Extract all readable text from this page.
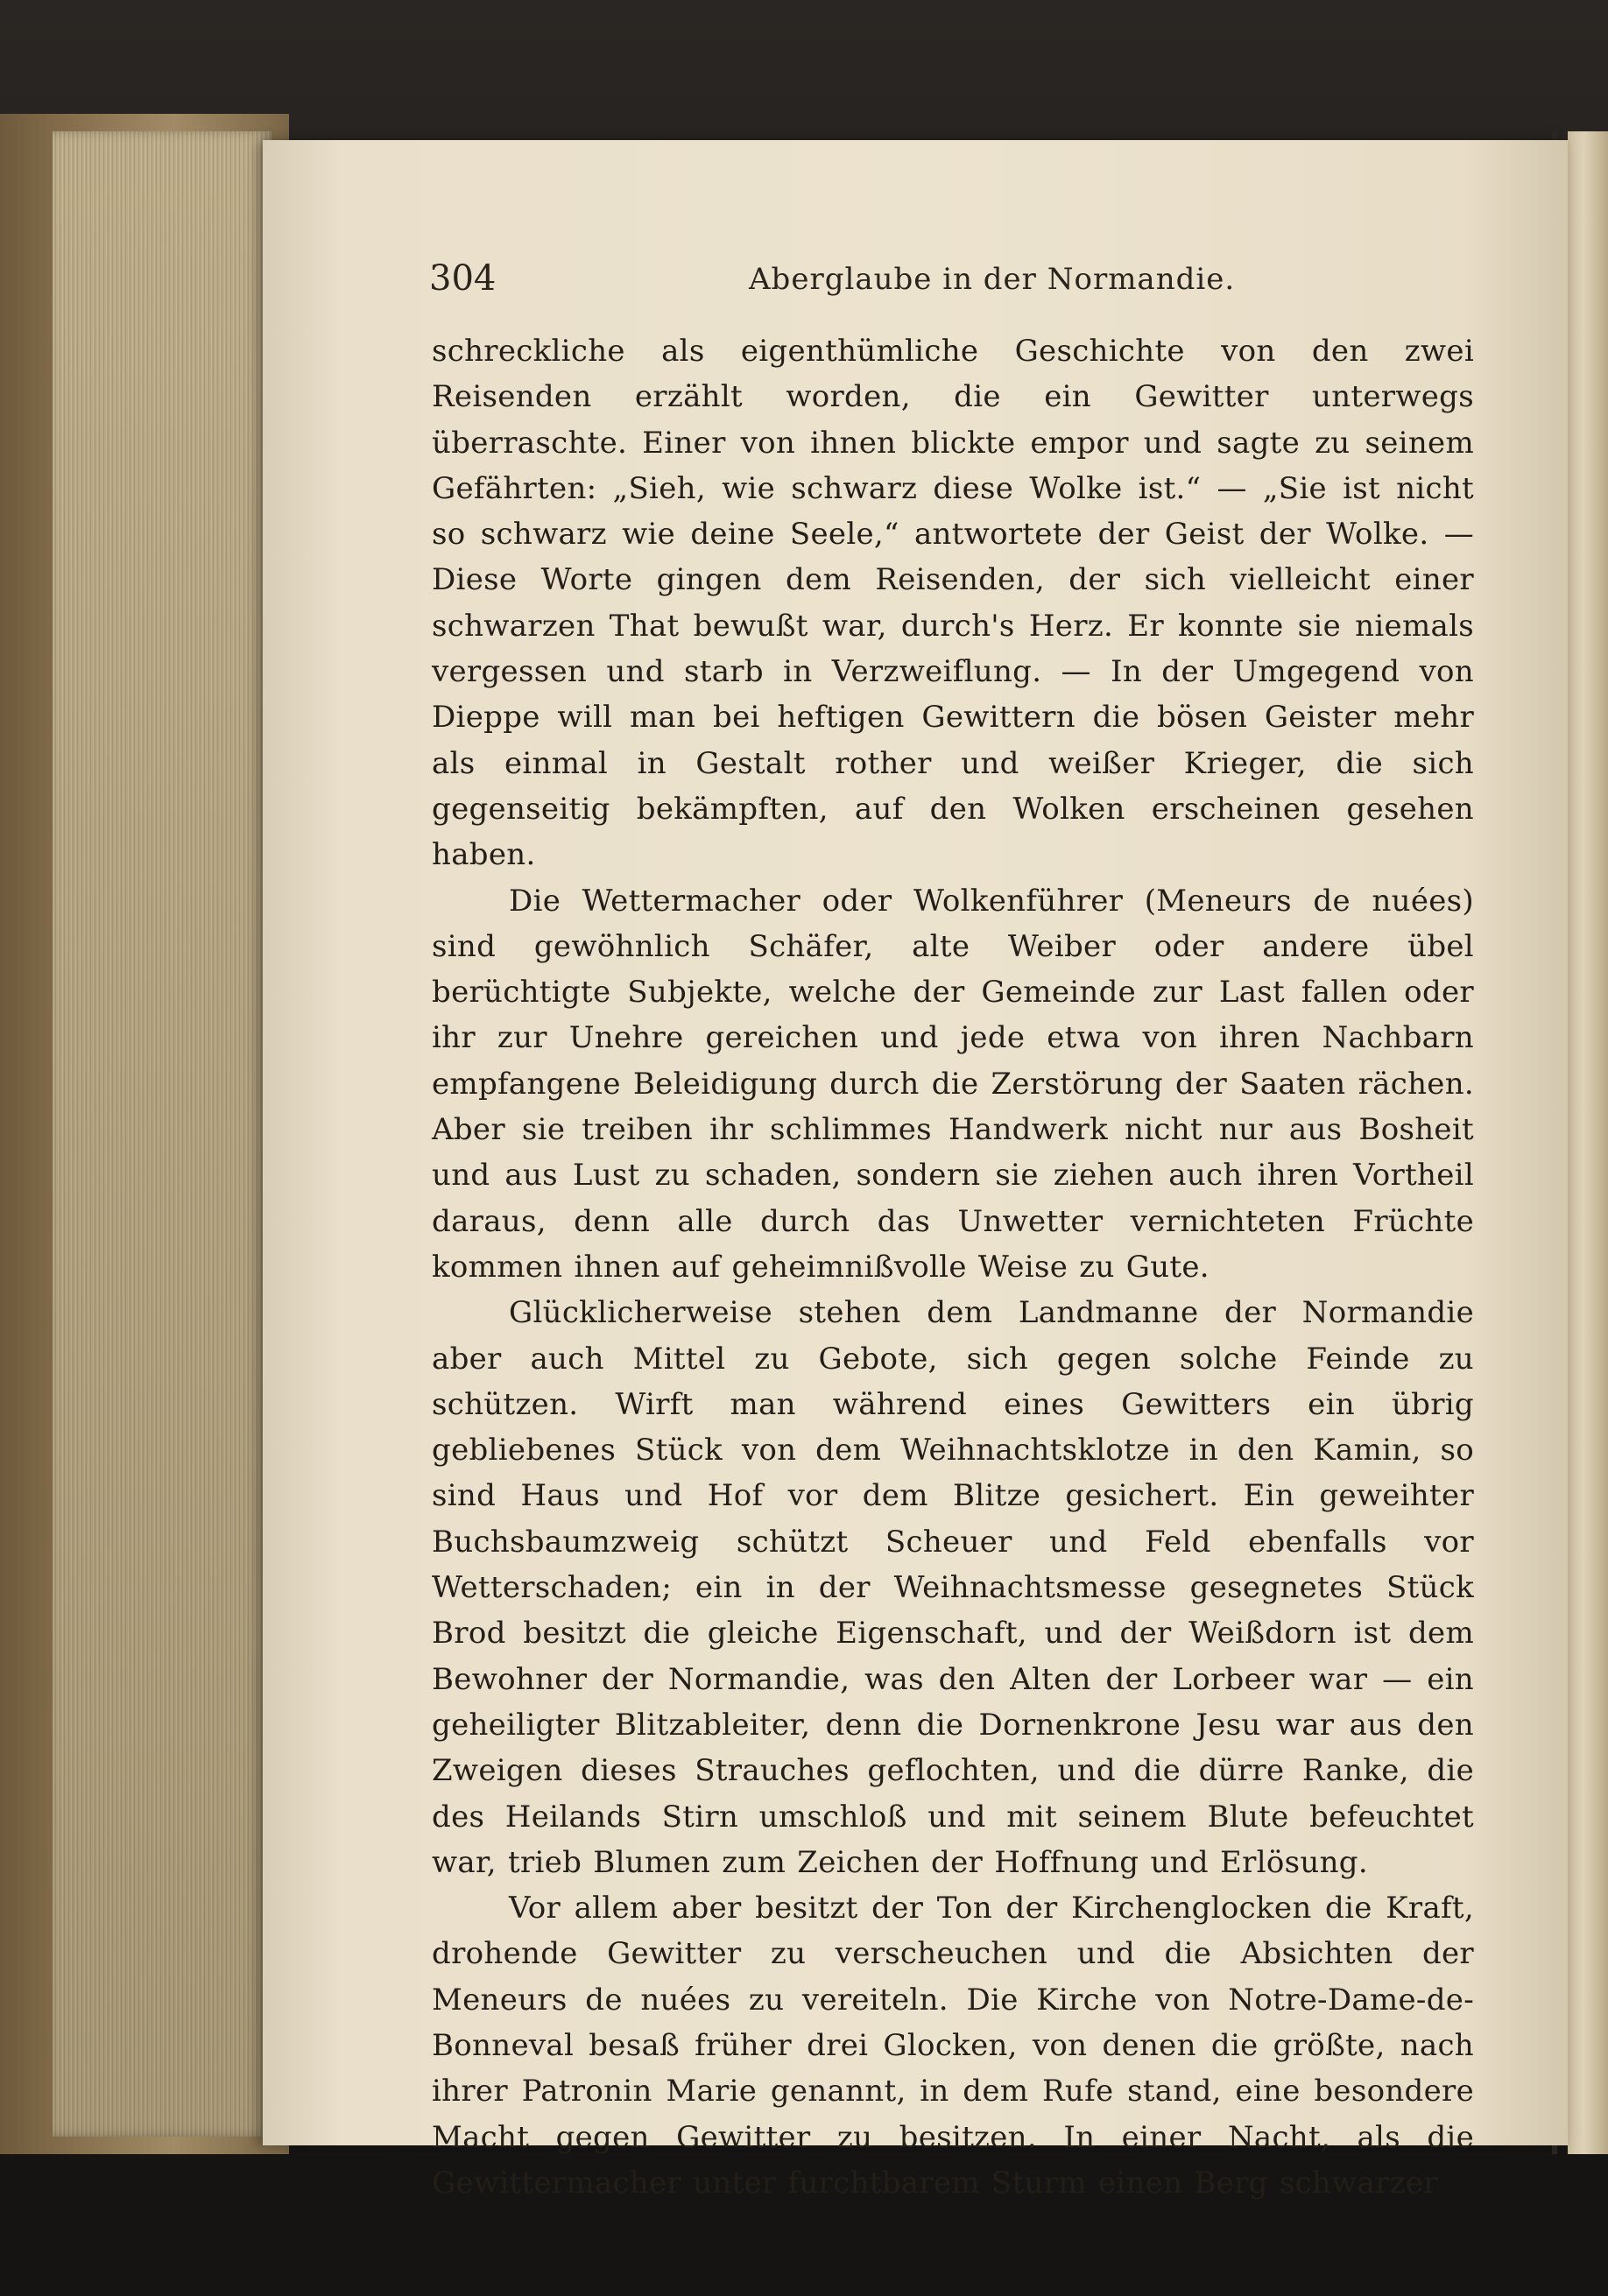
304	Aberglaube in der Normandie.

schreckliche als eigenthümliche Geschichte von den zwei Reisenden erzählt worden, die ein Gewitter unterwegs überraschte. Einer von ihnen blickte empor und sagte zu seinem Gefährten: „Sieh, wie schwarz diese Wolke ist.“ — „Sie ist nicht so schwarz wie deine Seele,“ antwortete der Geist der Wolke. — Diese Worte gingen dem Reisenden, der sich vielleicht einer schwarzen That bewußt war, durch's Herz. Er konnte sie niemals vergessen und starb in Verzweiflung. — In der Umgegend von Dieppe will man bei heftigen Gewittern die bösen Geister mehr als einmal in Gestalt rother und weißer Krieger, die sich gegenseitig bekämpften, auf den Wolken erscheinen gesehen haben.

Die Wettermacher oder Wolkenführer (Meneurs de nuées) sind gewöhnlich Schäfer, alte Weiber oder andere übel berüchtigte Subjekte, welche der Gemeinde zur Last fallen oder ihr zur Unehre gereichen und jede etwa von ihren Nachbarn empfangene Beleidigung durch die Zerstörung der Saaten rächen. Aber sie treiben ihr schlimmes Handwerk nicht nur aus Bosheit und aus Lust zu schaden, sondern sie ziehen auch ihren Vortheil daraus, denn alle durch das Unwetter vernichteten Früchte kommen ihnen auf geheimnißvolle Weise zu Gute.

Glücklicherweise stehen dem Landmanne der Normandie aber auch Mittel zu Gebote, sich gegen solche Feinde zu schützen. Wirft man während eines Gewitters ein übrig gebliebenes Stück von dem Weihnachtsklotze in den Kamin, so sind Haus und Hof vor dem Blitze gesichert. Ein geweihter Buchsbaumzweig schützt Scheuer und Feld ebenfalls vor Wetterschaden; ein in der Weihnachtsmesse gesegnetes Stück Brod besitzt die gleiche Eigenschaft, und der Weißdorn ist dem Bewohner der Normandie, was den Alten der Lorbeer war — ein geheiligter Blitzableiter, denn die Dornenkrone Jesu war aus den Zweigen dieses Strauches geflochten, und die dürre Ranke, die des Heilands Stirn umschloß und mit seinem Blute befeuchtet war, trieb Blumen zum Zeichen der Hoffnung und Erlösung.

Vor allem aber besitzt der Ton der Kirchenglocken die Kraft, drohende Gewitter zu verscheuchen und die Absichten der Meneurs de nuées zu vereiteln. Die Kirche von Notre-Dame-de-Bonneval besaß früher drei Glocken, von denen die größte, nach ihrer Patronin Marie genannt, in dem Rufe stand, eine besondere Macht gegen Gewitter zu besitzen. In einer Nacht, als die Gewittermacher unter furchtbarem Sturm einen Berg schwarzer
